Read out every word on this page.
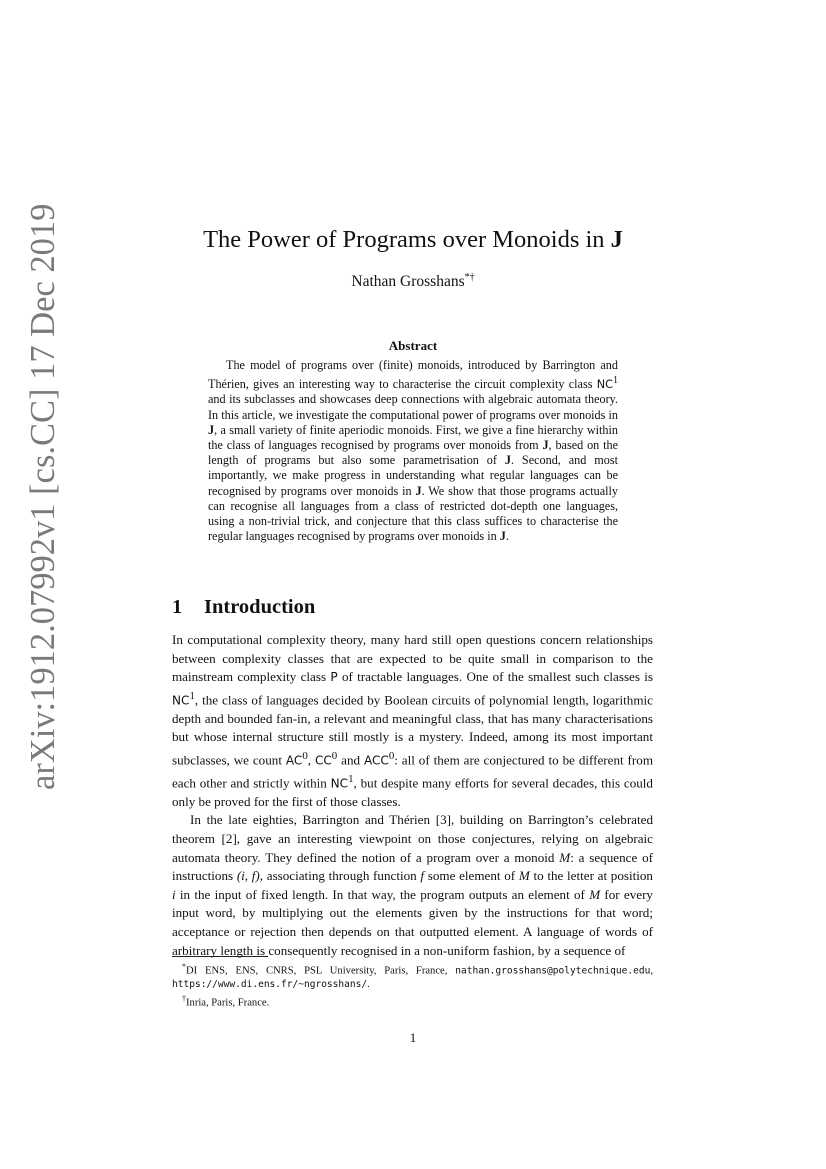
arXiv:1912.07992v1 [cs.CC] 17 Dec 2019	The Power of Programs over Monoids in J
Nathan Grosshans*†
Abstract

The model of programs over (finite) monoids, introduced by Barrington and Thérien, gives an interesting way to characterise the circuit complexity class $NC^1$ and its subclasses and showcases deep connections with algebraic automata theory. In this article, we investigate the computational power of programs over monoids in J, a small variety of finite aperiodic monoids. First, we give a fine hierarchy within the class of languages recognised by programs over monoids from J, based on the length of programs but also some parametrisation of J. Second, and most importantly, we make progress in understanding what regular languages can be recognised by programs over monoids in J. We show that those programs actually can recognise all languages from a class of restricted dot-depth one languages, using a non-trivial trick, and conjecture that this class suffices to characterise the regular languages recognised by programs over monoids in J.

1 Introduction

In computational complexity theory, many hard still open questions concern relationships between complexity classes that are expected to be quite small in comparison to the mainstream complexity class P of tractable languages. One of the smallest such classes is $NC^1$, the class of languages decided by Boolean circuits of polynomial length, logarithmic depth and bounded fan-in, a relevant and meaningful class, that has many characterisations but whose internal structure still mostly is a mystery. Indeed, among its most important subclasses, we count $AC^0$, $CC^0$ and ACC$^0$: all of them are conjectured to be different from each other and strictly within $NC^1$, but despite many efforts for several decades, this could only be proved for the first of those classes.

In the late eighties, Barrington and Thérien [3], building on Barrington’s celebrated theorem [2], gave an interesting viewpoint on those conjectures, relying on algebraic automata theory. They defined the notion of a program over a monoid M: a sequence of instructions (i, f), associating through function f some element of M to the letter at position i in the input of fixed length. In that way, the program outputs an element of M for every input word, by multiplying out the elements given by the instructions for that word; acceptance or rejection then depends on that outputted element. A language of words of arbitrary length is consequently recognised in a non-uniform fashion, by a sequence of

*DI ENS, ENS, CNRS, PSL University, Paris, France, nathan.grosshans@polytechnique.edu, https://www.di.ens.fr/~ngrosshans/.

†Inria, Paris, France.

1
